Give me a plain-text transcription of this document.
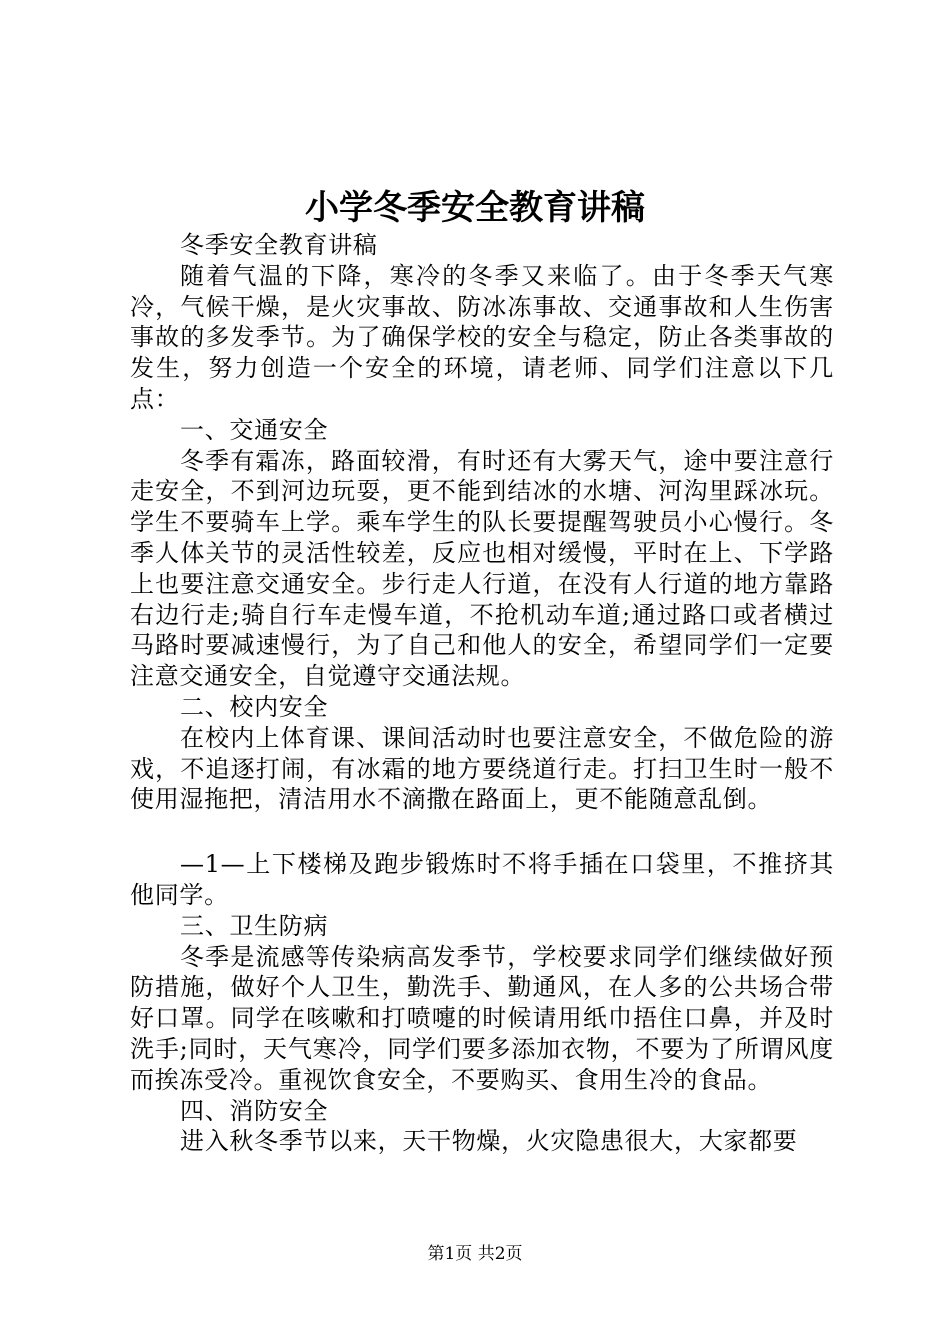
小学冬季安全教育讲稿

冬季安全教育讲稿

随着气温的下降，寒冷的冬季又来临了。由于冬季天气寒冷，气候干燥，是火灾事故、防冰冻事故、交通事故和人生伤害事故的多发季节。为了确保学校的安全与稳定，防止各类事故的发生，努力创造一个安全的环境，请老师、同学们注意以下几点：

一、交通安全

冬季有霜冻，路面较滑，有时还有大雾天气，途中要注意行走安全，不到河边玩耍，更不能到结冰的水塘、河沟里踩冰玩。学生不要骑车上学。乘车学生的队长要提醒驾驶员小心慢行。冬季人体关节的灵活性较差，反应也相对缓慢，平时在上、下学路上也要注意交通安全。步行走人行道，在没有人行道的地方靠路右边行走;骑自行车走慢车道，不抢机动车道;通过路口或者横过马路时要减速慢行，为了自己和他人的安全，希望同学们一定要注意交通安全，自觉遵守交通法规。

二、校内安全

在校内上体育课、课间活动时也要注意安全，不做危险的游戏，不追逐打闹，有冰霜的地方要绕道行走。打扫卫生时一般不使用湿拖把，清洁用水不滴撒在路面上，更不能随意乱倒。

—1—上下楼梯及跑步锻炼时不将手插在口袋里，不推挤其他同学。

三、卫生防病

冬季是流感等传染病高发季节，学校要求同学们继续做好预防措施，做好个人卫生，勤洗手、勤通风，在人多的公共场合带好口罩。同学在咳嗽和打喷嚏的时候请用纸巾捂住口鼻，并及时洗手;同时，天气寒冷，同学们要多添加衣物，不要为了所谓风度而挨冻受冷。重视饮食安全，不要购买、食用生冷的食品。

四、消防安全

进入秋冬季节以来，天干物燥，火灾隐患很大，大家都要

第1页 共2页
